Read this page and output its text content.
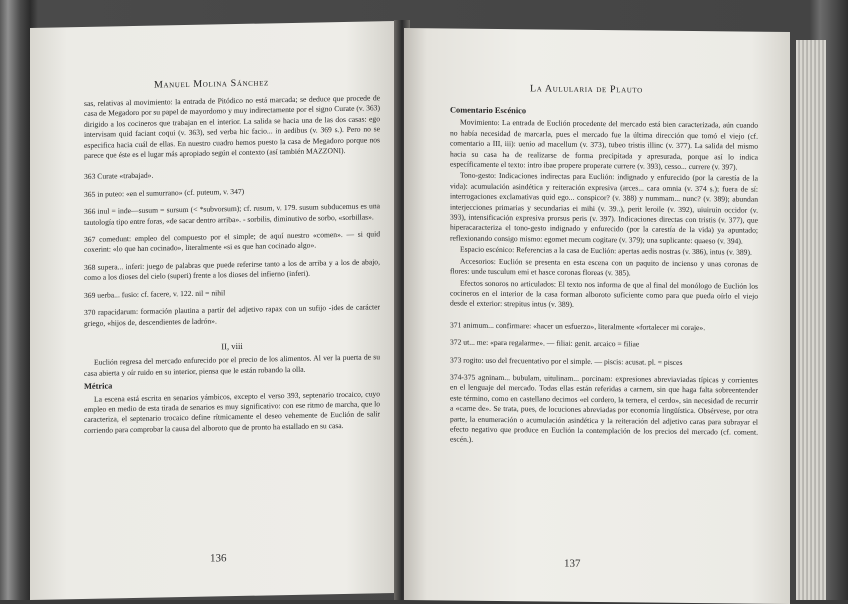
Manuel Molina Sánchez

sas, relativas al movimiento: la entrada de Pitódico no está marcada; se deduce que procede de casa de Megadoro por su papel de mayordomo y muy indirectamente por el signo Curate (v. 363) dirigido a los cocineros que trabajan en el interior. La salida se hacia una de las dos casas: ego intervisam quid faciant coqui (v. 363), sed verba hic facio... in aedibus (v. 369 s.). Pero no se especifica hacia cuál de ellas. En nuestro cuadro hemos puesto la casa de Megadoro porque nos parece que éste es el lugar más apropiado según el contexto (así también MAZZONI).

363 Curate «trabajad».

365 in puteo: «en el sumurrano» (cf. puteum, v. 347)

366 inul = inde—susum = sursum (< *subvorsum); cf. rusum, v. 179. susum subducemus es una tautología tipo entre foras, «de sacar dentro arriba». - sorbilis, diminutivo de sorbo, «sorbillas».

367 comedunt: empleo del compuesto por el simple; de aquí nuestro «comen». — si quid coxerint: «lo que han cocinado», literalmente «si es que han cocinado algo».

368 supera... inferi: juego de palabras que puede referirse tanto a los de arriba y a los de abajo, como a los dioses del cielo (superi) frente a los dioses del infierno (inferi).

369 uerba... fusio: cf. facere, v. 122. nil = nihil

370 rapacidarum: formación plautina a partir del adjetivo rapax con un sufijo -ides de carácter griego, «hijos de, descendientes de ladrón».

II, viii

Euclión regresa del mercado enfurecido por el precio de los alimentos. Al ver la puerta de su casa abierta y oír ruido en su interior, piensa que le están robando la olla.

Métrica

La escena está escrita en senarios yámbicos, excepto el verso 393, septenario trocaico, cuyo empleo en medio de esta tirada de senarios es muy significativo: con ese ritmo de marcha, que lo caracteriza, el septenario trocaico define rítmicamente el deseo vehemente de Euclión de salir corriendo para comprobar la causa del alboroto que de pronto ha estallado en su casa.

136
La Aulularia de Plauto
Comentario Escénico

Movimiento: La entrada de Euclión procedente del mercado está bien caracterizada, aún cuando no había necesidad de marcarla, pues el mercado fue la última dirección que tomó el viejo (cf. comentario a III, iii): uenio ad macellum (v. 373), tubeo tristis illinc (v. 377). La salida del mismo hacia su casa ha de realizarse de forma precipitada y apresurada, porque así lo indica específicamente el texto: intro ibae propere properate currere (v. 393), cesso... currere (v. 397).

Tono-gesto: Indicaciones indirectas para Euclión: indignado y enfurecido (por la carestía de la vida): acumulación asindética y reiteración expresiva (arces... cara omnia (v. 374 s.); fuera de sí: interrogaciones exclamativas quid ego... conspicor? (v. 388) y nummam... nunc? (v. 389); abundan interjecciones primarias y secundarias ei mihi (v. 39..), perit leroile (v. 392), uiuiruin occidor (v. 393), intensificación expresiva prorsus peris (v. 397). Indicaciones directas con tristis (v. 377), que hiperacaracteriza el tono-gesto indignado y enfurecido (por la carestía de la vida) ya apuntado; reflexionando consigo mismo: egomet mecum cogitare (v. 379); una suplicante: quaeso (v. 394).

Espacio escénico: Referencias a la casa de Euclión: apertas aedis nostras (v. 386), intus (v. 389).

Accesorios: Euclión se presenta en esta escena con un paquito de incienso y unas coronas de flores: unde tusculum emi et hasce coronas floreas (v. 385).

Efectos sonoros no articulados: El texto nos informa de que al final del monólogo de Euclión los cocineros en el interior de la casa forman alboroto suficiente como para que pueda oírlo el viejo desde el exterior: strepitus intus (v. 389).

371 animum... confirmare: «hacer un esfuerzo», literalmente «fortalecer mi coraje».

372 ut... me: «para regalarme». — filiai: genit. arcaico = filiae

373 rogito: uso del frecuentativo por el simple. — piscis: acusat. pl. = pisces

374-375 agninam... bubulam, uitulinam... porcinam: expresiones abreviaviadas típicas y corrientes en el lenguaje del mercado. Todas ellas están referidas a carnem, sin que haga falta sobreentender este término, como en castellano decimos «el cordero, la ternera, el cerdo», sin necesidad de recurrir a «carne de». Se trata, pues, de locuciones abreviadas por economía lingüística. Obsérvese, por otra parte, la enumeración o acumulación asindética y la reiteración del adjetivo caras para subrayar el efecto negativo que produce en Euclión la contemplación de los precios del mercado (cf. coment. escén.).

137
